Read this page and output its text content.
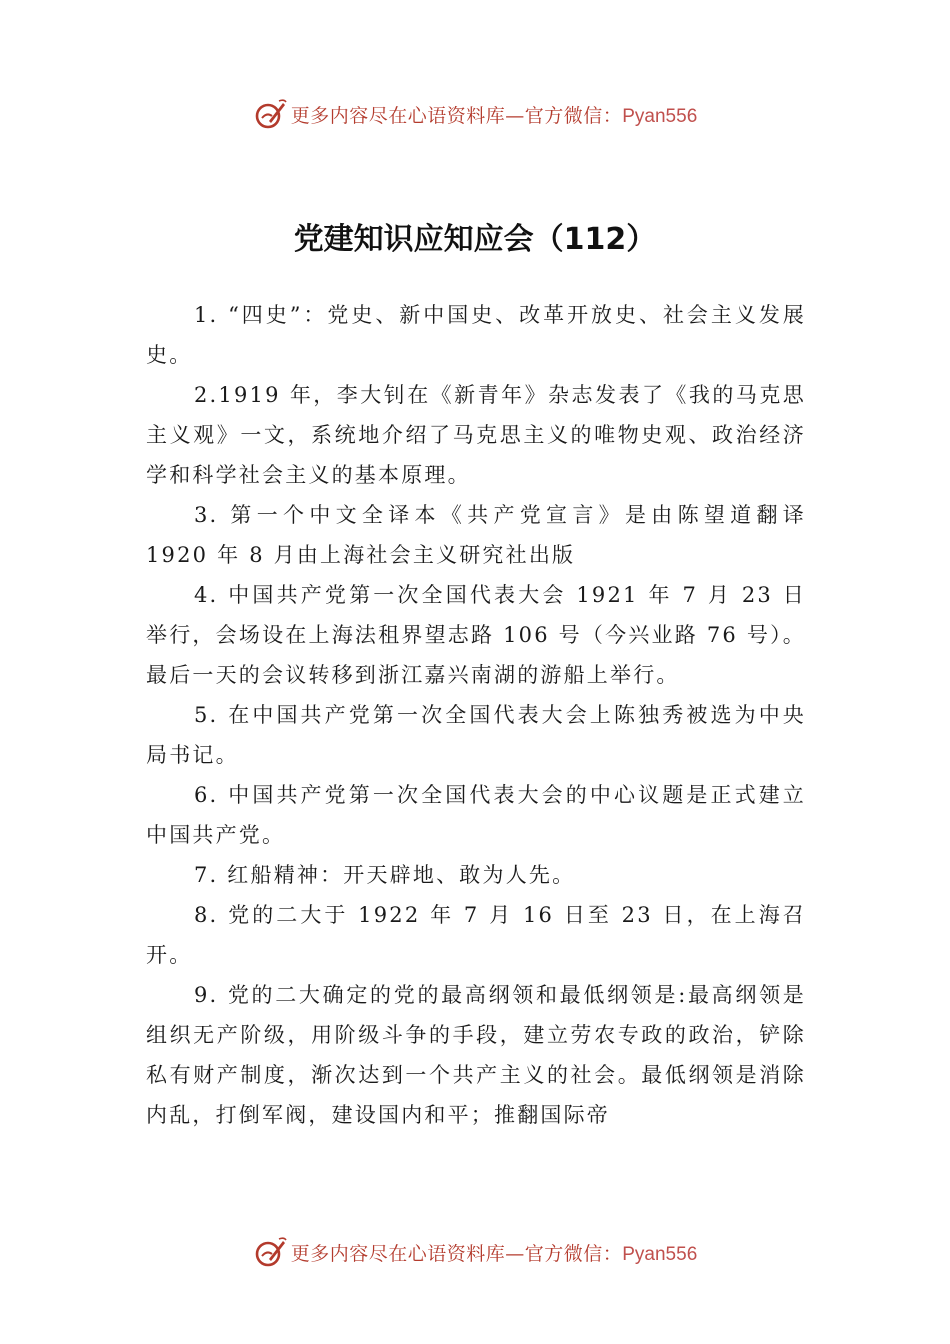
更多内容尽在心语资料库—官方微信：Pyan556
党建知识应知应会（112）

1. “四史”：党史、新中国史、改革开放史、社会主义发展史。

2.1919 年，李大钊在《新青年》杂志发表了《我的马克思主义观》一文，系统地介绍了马克思主义的唯物史观、政治经济学和科学社会主义的基本原理。

3. 第一个中文全译本《共产党宣言》是由陈望道翻译 1920 年 8 月由上海社会主义研究社出版

4. 中国共产党第一次全国代表大会 1921 年 7 月 23 日举行，会场设在上海法租界望志路 106 号（今兴业路 76 号）。最后一天的会议转移到浙江嘉兴南湖的游船上举行。

5. 在中国共产党第一次全国代表大会上陈独秀被选为中央局书记。

6. 中国共产党第一次全国代表大会的中心议题是正式建立中国共产党。

7. 红船精神：开天辟地、敢为人先。

8. 党的二大于 1922 年 7 月 16 日至 23 日，在上海召开。

9. 党的二大确定的党的最高纲领和最低纲领是:最高纲领是组织无产阶级，用阶级斗争的手段，建立劳农专政的政治，铲除私有财产制度，渐次达到一个共产主义的社会。最低纲领是消除内乱，打倒军阀，建设国内和平；推翻国际帝

更多内容尽在心语资料库—官方微信：Pyan556
